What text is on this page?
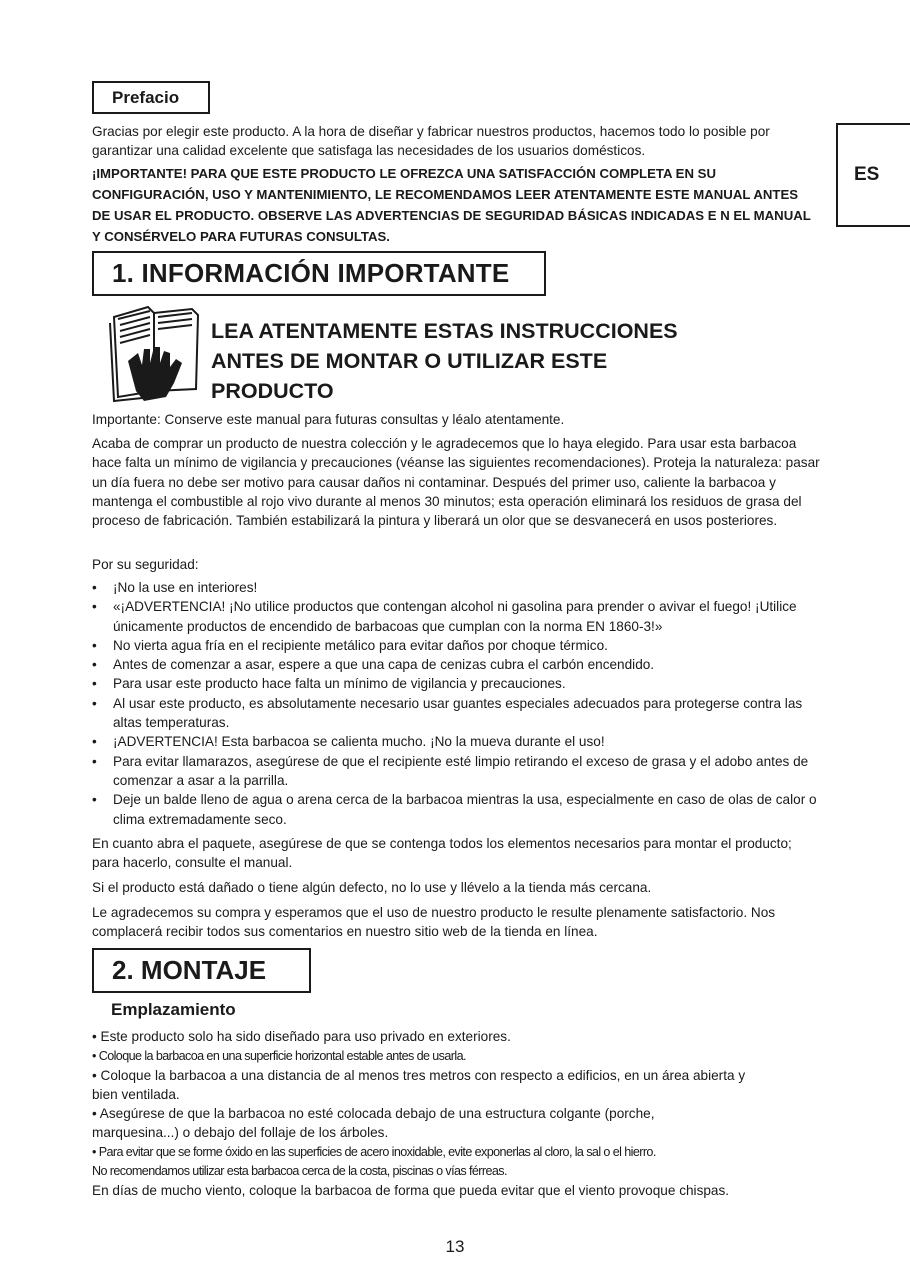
ES
Prefacio
Gracias por elegir este producto. A la hora de diseñar y fabricar nuestros productos, hacemos todo lo posible por garantizar una calidad excelente que satisfaga las necesidades de los usuarios domésticos.
¡IMPORTANTE! PARA QUE ESTE PRODUCTO LE OFREZCA UNA SATISFACCIÓN COMPLETA EN SU CONFIGURACIÓN, USO Y MANTENIMIENTO, LE RECOMENDAMOS LEER ATENTAMENTE ESTE MANUAL ANTES DE USAR EL PRODUCTO. OBSERVE LAS ADVERTENCIAS DE SEGURIDAD BÁSICAS INDICADAS E N EL MANUAL Y CONSÉRVELO PARA FUTURAS CONSULTAS.
1. INFORMACIÓN IMPORTANTE
LEA ATENTAMENTE ESTAS INSTRUCCIONES
ANTES DE MONTAR O UTILIZAR ESTE
PRODUCTO
Importante: Conserve este manual para futuras consultas y léalo atentamente.
Acaba de comprar un producto de nuestra colección y le agradecemos que lo haya elegido. Para usar esta barbacoa hace falta un mínimo de vigilancia y precauciones (véanse las siguientes recomendaciones). Proteja la naturaleza: pasar un día fuera no debe ser motivo para causar daños ni contaminar. Después del primer uso, caliente la barbacoa y mantenga el combustible al rojo vivo durante al menos 30 minutos; esta operación eliminará los residuos de grasa del proceso de fabricación. También estabilizará la pintura y liberará un olor que se desvanecerá en usos posteriores.
Por su seguridad:
• ¡No la use en interiores!
• «¡ADVERTENCIA! ¡No utilice productos que contengan alcohol ni gasolina para prender o avivar el fuego! ¡Utilice únicamente productos de encendido de barbacoas que cumplan con la norma EN 1860-3!»
• No vierta agua fría en el recipiente metálico para evitar daños por choque térmico.
• Antes de comenzar a asar, espere a que una capa de cenizas cubra el carbón encendido.
• Para usar este producto hace falta un mínimo de vigilancia y precauciones.
• Al usar este producto, es absolutamente necesario usar guantes especiales adecuados para protegerse contra las altas temperaturas.
• ¡ADVERTENCIA! Esta barbacoa se calienta mucho. ¡No la mueva durante el uso!
• Para evitar llamarazos, asegúrese de que el recipiente esté limpio retirando el exceso de grasa y el adobo antes de comenzar a asar a la parrilla.
• Deje un balde lleno de agua o arena cerca de la barbacoa mientras la usa, especialmente en caso de olas de calor o clima extremadamente seco.
En cuanto abra el paquete, asegúrese de que se contenga todos los elementos necesarios para montar el producto; para hacerlo, consulte el manual.
Si el producto está dañado o tiene algún defecto, no lo use y llévelo a la tienda más cercana.
Le agradecemos su compra y esperamos que el uso de nuestro producto le resulte plenamente satisfactorio. Nos complacerá recibir todos sus comentarios en nuestro sitio web de la tienda en línea.
2. MONTAJE
Emplazamiento
• Este producto solo ha sido diseñado para uso privado en exteriores.
• Coloque la barbacoa en una superficie horizontal estable antes de usarla.
• Coloque la barbacoa a una distancia de al menos tres metros con respecto a edificios, en un área abierta y bien ventilada.
• Asegúrese de que la barbacoa no esté colocada debajo de una estructura colgante (porche, marquesina...) o debajo del follaje de los árboles.
• Para evitar que se forme óxido en las superficies de acero inoxidable, evite exponerlas al cloro, la sal o el hierro.
No recomendamos utilizar esta barbacoa cerca de la costa, piscinas o vías férreas.
En días de mucho viento, coloque la barbacoa de forma que pueda evitar que el viento provoque chispas.
13
